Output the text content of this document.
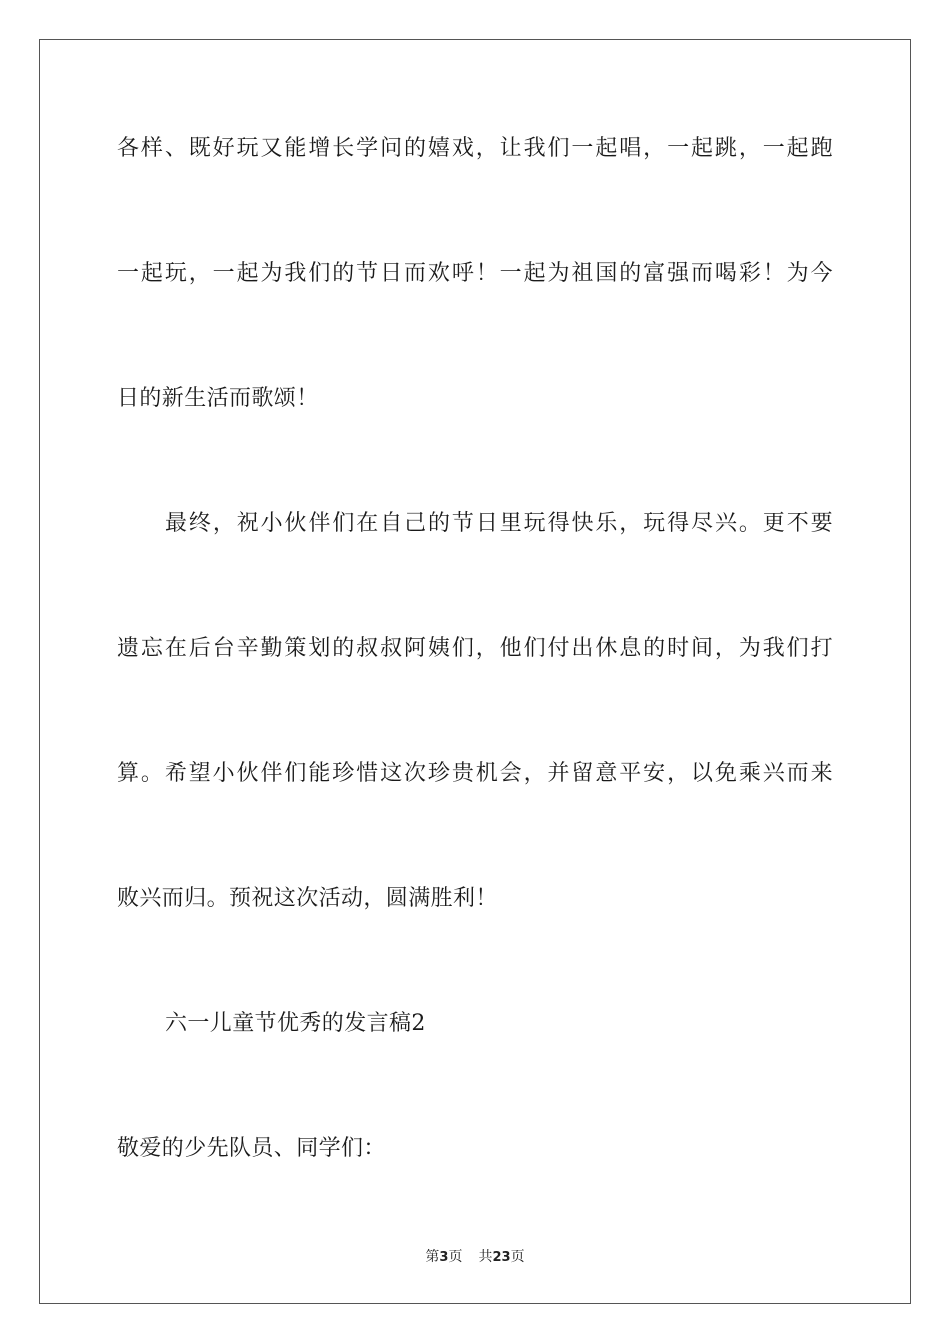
各样、既好玩又能增长学问的嬉戏，让我们一起唱，一起跳，一起跑
一起玩，一起为我们的节日而欢呼！一起为祖国的富强而喝彩！为今
日的新生活而歌颂！
最终，祝小伙伴们在自己的节日里玩得快乐，玩得尽兴。更不要
遗忘在后台辛勤策划的叔叔阿姨们，他们付出休息的时间，为我们打
算。希望小伙伴们能珍惜这次珍贵机会，并留意平安，以免乘兴而来
败兴而归。预祝这次活动，圆满胜利！
六一儿童节优秀的发言稿2
敬爱的少先队员、同学们：
第3页 共23页
